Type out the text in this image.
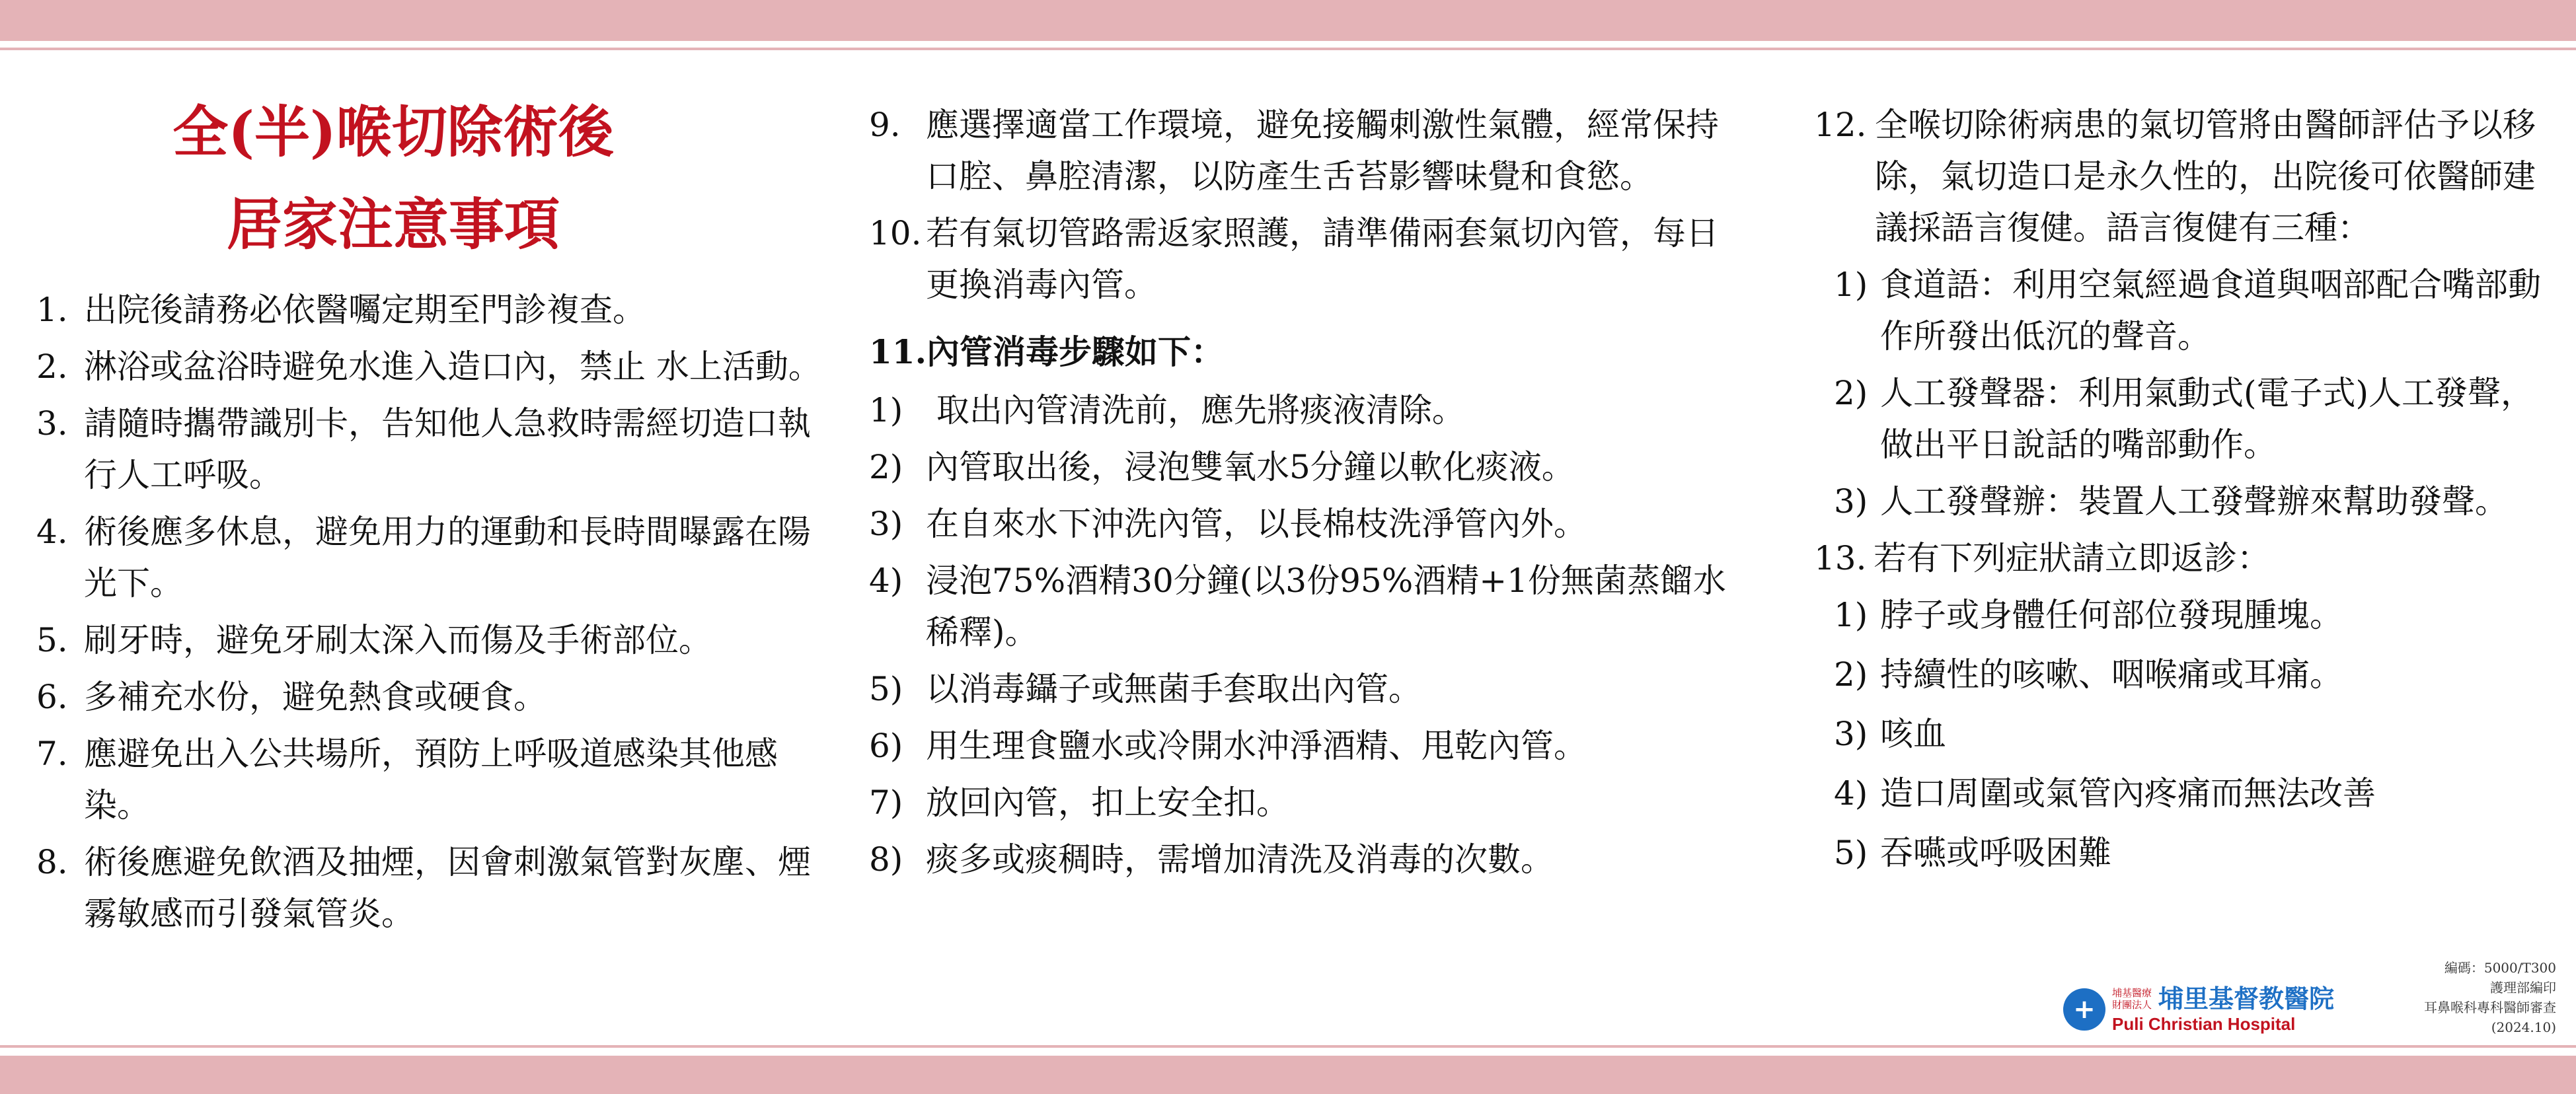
全(半)喉切除術後
居家注意事項
1. 出院後請務必依醫囑定期至門診複查。
2. 淋浴或盆浴時避免水進入造口內，禁止 水上活動。
3. 請隨時攜帶識別卡，告知他人急救時需經切造口執行人工呼吸。
4. 術後應多休息，避免用力的運動和長時間曝露在陽光下。
5. 刷牙時，避免牙刷太深入而傷及手術部位。
6. 多補充水份，避免熱食或硬食。
7. 應避免出入公共場所，預防上呼吸道感染其他感染。
8. 術後應避免飲酒及抽煙，因會刺激氣管對灰塵、煙霧敏感而引發氣管炎。
9. 應選擇適當工作環境，避免接觸刺激性氣體，經常保持口腔、鼻腔清潔，以防產生舌苔影響味覺和食慾。
10. 若有氣切管路需返家照護，請準備兩套氣切內管，每日更換消毒內管。
11.內管消毒步驟如下：
1) 取出內管清洗前，應先將痰液清除。
2) 內管取出後，浸泡雙氧水5分鐘以軟化痰液。
3) 在自來水下沖洗內管，以長棉枝洗淨管內外。
4) 浸泡75%酒精30分鐘(以3份95%酒精+1份無菌蒸餾水稀釋)。
5) 以消毒鑷子或無菌手套取出內管。
6) 用生理食鹽水或冷開水沖淨酒精、甩乾內管。
7) 放回內管，扣上安全扣。
8) 痰多或痰稠時，需增加清洗及消毒的次數。
12. 全喉切除術病患的氣切管將由醫師評估予以移除，氣切造口是永久性的，出院後可依醫師建議採語言復健。語言復健有三種：
1) 食道語：利用空氣經過食道與咽部配合嘴部動作所發出低沉的聲音。
2) 人工發聲器：利用氣動式(電子式)人工發聲，做出平日說話的嘴部動作。
3) 人工發聲辦：裝置人工發聲辦來幫助發聲。
13. 若有下列症狀請立即返診：
1) 脖子或身體任何部位發現腫塊。
2) 持續性的咳嗽、咽喉痛或耳痛。
3) 咳血
4) 造口周圍或氣管內疼痛而無法改善
5) 吞嚥或呼吸困難
+
埔基醫療財團法人 埔里基督教醫院
Puli Christian Hospital
編碼：5000/T300
護理部編印
耳鼻喉科專科醫師審查
(2024.10)
